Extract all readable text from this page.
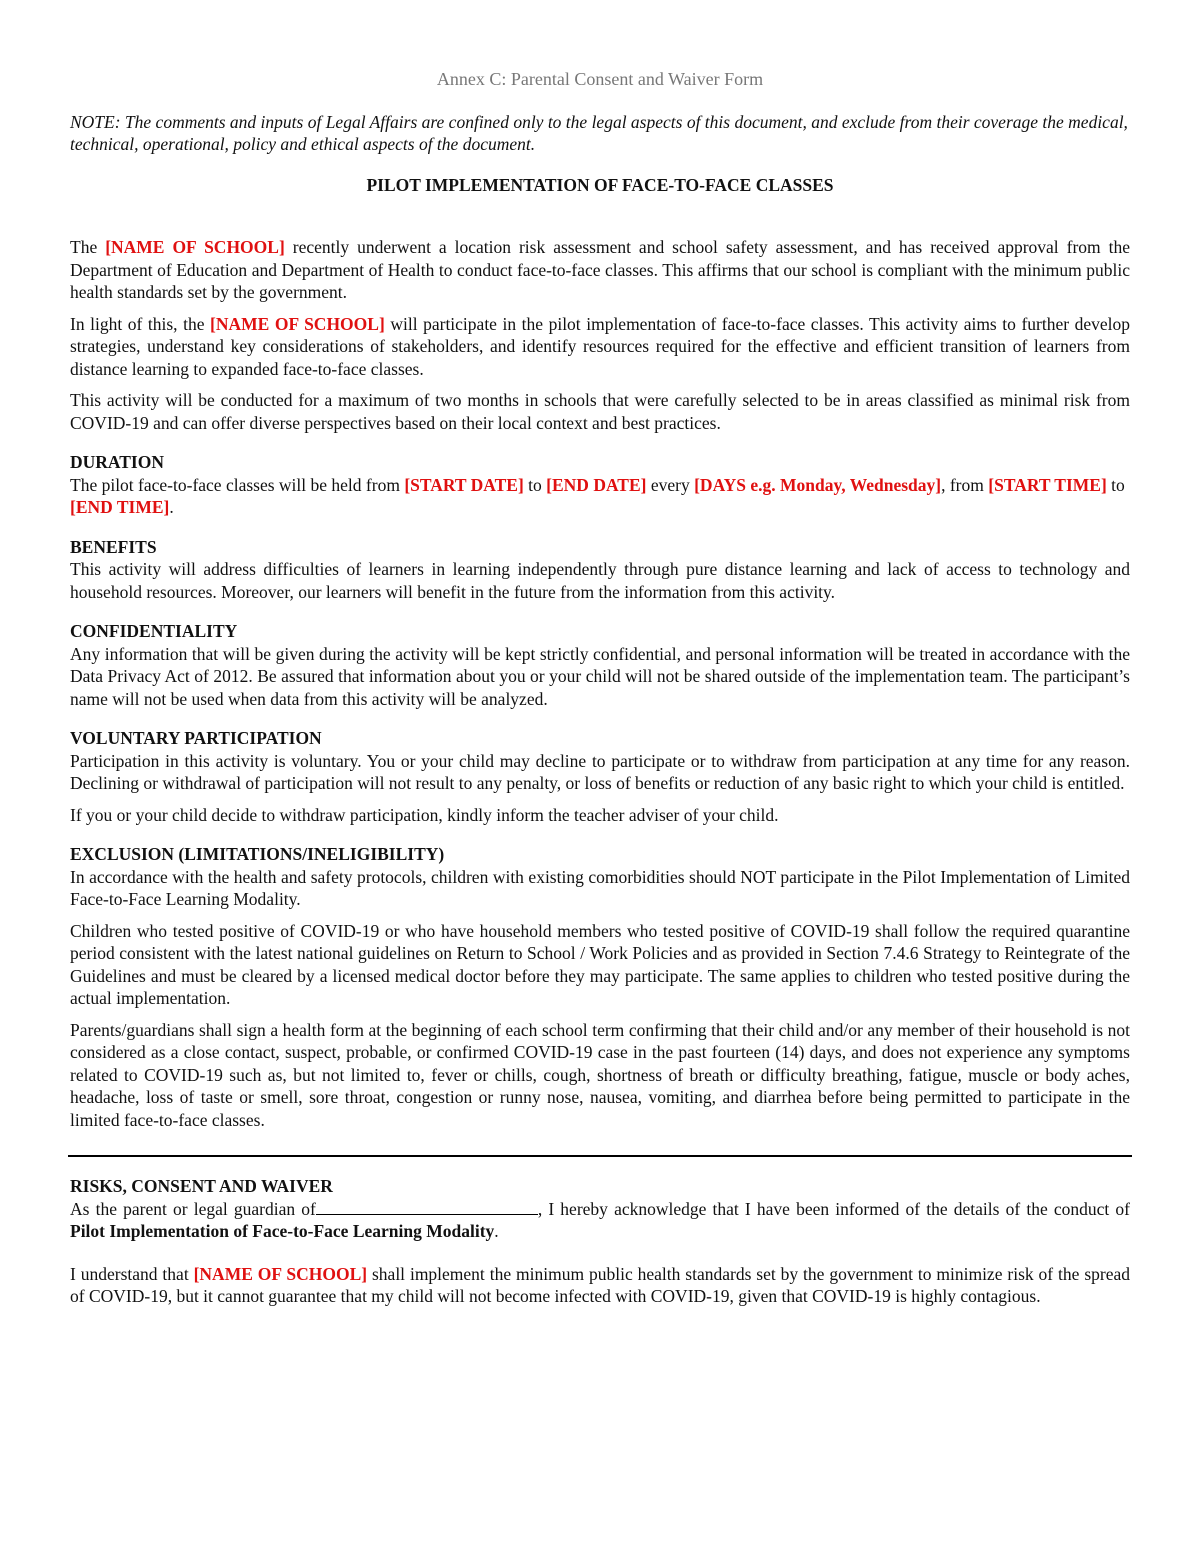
Annex C: Parental Consent and Waiver Form
NOTE: The comments and inputs of Legal Affairs are confined only to the legal aspects of this document, and exclude from their coverage the medical, technical, operational, policy and ethical aspects of the document.
PILOT IMPLEMENTATION OF FACE-TO-FACE CLASSES

The [NAME OF SCHOOL] recently underwent a location risk assessment and school safety assessment, and has received approval from the Department of Education and Department of Health to conduct face-to-face classes. This affirms that our school is compliant with the minimum public health standards set by the government.

In light of this, the [NAME OF SCHOOL] will participate in the pilot implementation of face-to-face classes. This activity aims to further develop strategies, understand key considerations of stakeholders, and identify resources required for the effective and efficient transition of learners from distance learning to expanded face-to-face classes.

This activity will be conducted for a maximum of two months in schools that were carefully selected to be in areas classified as minimal risk from COVID-19 and can offer diverse perspectives based on their local context and best practices.

DURATION

The pilot face-to-face classes will be held from [START DATE] to [END DATE] every [DAYS e.g. Monday, Wednesday], from [START TIME] to [END TIME].

BENEFITS

This activity will address difficulties of learners in learning independently through pure distance learning and lack of access to technology and household resources. Moreover, our learners will benefit in the future from the information from this activity.

CONFIDENTIALITY

Any information that will be given during the activity will be kept strictly confidential, and personal information will be treated in accordance with the Data Privacy Act of 2012. Be assured that information about you or your child will not be shared outside of the implementation team. The participant’s name will not be used when data from this activity will be analyzed.

VOLUNTARY PARTICIPATION

Participation in this activity is voluntary. You or your child may decline to participate or to withdraw from participation at any time for any reason. Declining or withdrawal of participation will not result to any penalty, or loss of benefits or reduction of any basic right to which your child is entitled.

If you or your child decide to withdraw participation, kindly inform the teacher adviser of your child.

EXCLUSION (LIMITATIONS/INELIGIBILITY)

In accordance with the health and safety protocols, children with existing comorbidities should NOT participate in the Pilot Implementation of Limited Face-to-Face Learning Modality.

Children who tested positive of COVID-19 or who have household members who tested positive of COVID-19 shall follow the required quarantine period consistent with the latest national guidelines on Return to School / Work Policies and as provided in Section 7.4.6 Strategy to Reintegrate of the Guidelines and must be cleared by a licensed medical doctor before they may participate. The same applies to children who tested positive during the actual implementation.

Parents/guardians shall sign a health form at the beginning of each school term confirming that their child and/or any member of their household is not considered as a close contact, suspect, probable, or confirmed COVID-19 case in the past fourteen (14) days, and does not experience any symptoms related to COVID-19 such as, but not limited to, fever or chills, cough, shortness of breath or difficulty breathing, fatigue, muscle or body aches, headache, loss of taste or smell, sore throat, congestion or runny nose, nausea, vomiting, and diarrhea before being permitted to participate in the limited face-to-face classes.

RISKS, CONSENT AND WAIVER

As the parent or legal guardian of	, I hereby acknowledge that I have been informed of the details of the conduct of Pilot Implementation of Face-to-Face Learning Modality.

I understand that [NAME OF SCHOOL] shall implement the minimum public health standards set by the government to minimize risk of the spread of COVID-19, but it cannot guarantee that my child will not become infected with COVID-19, given that COVID-19 is highly contagious.
